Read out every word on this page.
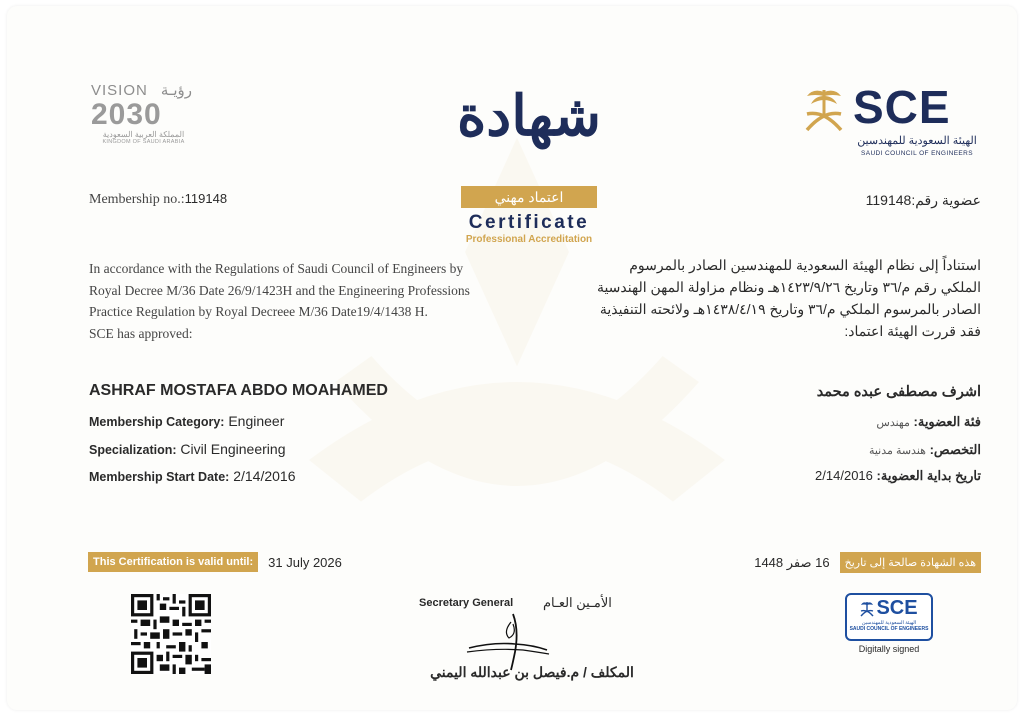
VISION رؤيـة
2030
المملكة العربية السعودية
KINGDOM OF SAUDI ARABIA
SCE
الهيئة السعودية للمهندسين
SAUDI COUNCIL OF ENGINEERS
شهادة
اعتماد مهني
Certificate
Professional Accreditation
Membership no.:119148	عضوية رقم:119148
In accordance with the Regulations of Saudi Council of Engineers by
Royal Decree M/36 Date 26/9/1423H and the Engineering Professions
Practice Regulation by Royal Decreee M/36 Date19/4/1438 H.
SCE has approved:
استناداً إلى نظام الهيئة السعودية للمهندسين الصادر بالمرسوم
الملكي رقم م/٣٦ وتاريخ ١٤٢٣/٩/٢٦هـ ونظام مزاولة المهن الهندسية
الصادر بالمرسوم الملكي م/٣٦ وتاريخ ١٤٣٨/٤/١٩هـ ولائحته التنفيذية
فقد قررت الهيئة اعتماد:
ASHRAF MOSTAFA ABDO MOAHAMED	اشرف مصطفى عبده محمد
Membership Category: Engineer
Specialization: Civil Engineering
Membership Start Date: 2/14/2016
فئة العضوية: مهندس
التخصص: هندسة مدنية
تاريخ بداية العضوية: 2/14/2016
This Certification is valid until:	31 July 2026	16 صفر 1448	هذه الشهادة صالحة إلى تاريخ
Secretary General الأمـين العـام
المكلف / م.فيصل بن عبدالله اليمني
SCE
الهيئة السعودية للمهندسين
SAUDI COUNCIL OF ENGINEERS
Digitally signed
